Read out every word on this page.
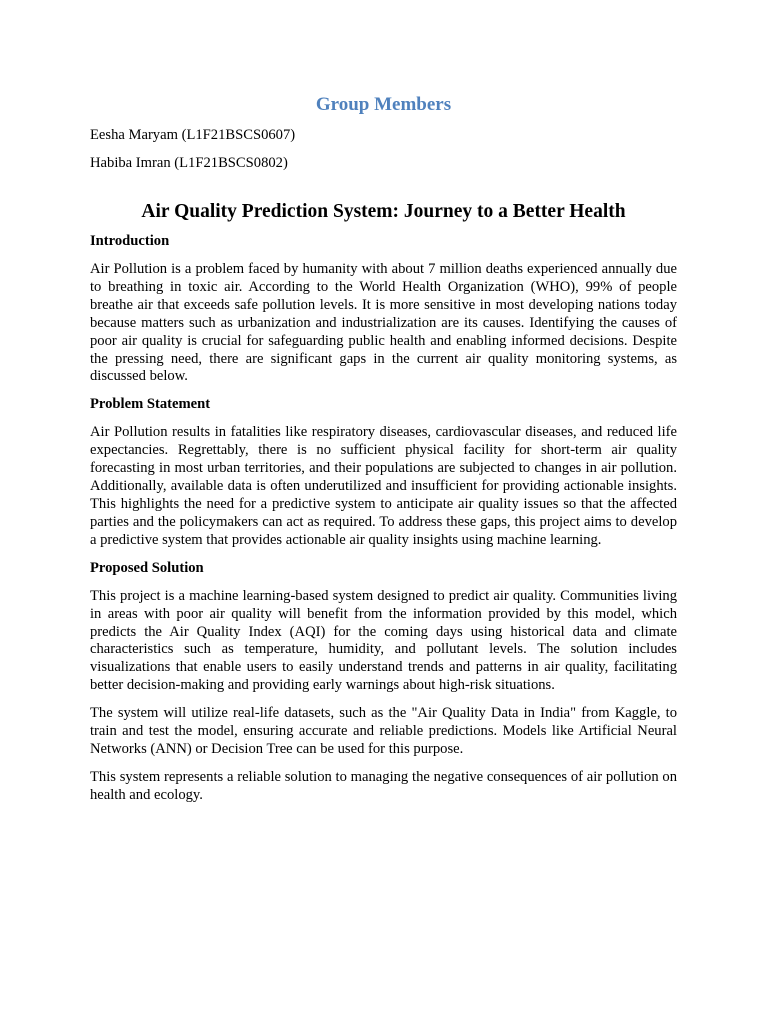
Group Members
Eesha Maryam (L1F21BSCS0607)
Habiba Imran (L1F21BSCS0802)
Air Quality Prediction System: Journey to a Better Health
Introduction

Air Pollution is a problem faced by humanity with about 7 million deaths experienced annually due to breathing in toxic air. According to the World Health Organization (WHO), 99% of people breathe air that exceeds safe pollution levels. It is more sensitive in most developing nations today because matters such as urbanization and industrialization are its causes. Identifying the causes of poor air quality is crucial for safeguarding public health and enabling informed decisions. Despite the pressing need, there are significant gaps in the current air quality monitoring systems, as discussed below.

Problem Statement

Air Pollution results in fatalities like respiratory diseases, cardiovascular diseases, and reduced life expectancies. Regrettably, there is no sufficient physical facility for short-term air quality forecasting in most urban territories, and their populations are subjected to changes in air pollution. Additionally, available data is often underutilized and insufficient for providing actionable insights. This highlights the need for a predictive system to anticipate air quality issues so that the affected parties and the policymakers can act as required. To address these gaps, this project aims to develop a predictive system that provides actionable air quality insights using machine learning.

Proposed Solution

This project is a machine learning-based system designed to predict air quality. Communities living in areas with poor air quality will benefit from the information provided by this model, which predicts the Air Quality Index (AQI) for the coming days using historical data and climate characteristics such as temperature, humidity, and pollutant levels. The solution includes visualizations that enable users to easily understand trends and patterns in air quality, facilitating better decision-making and providing early warnings about high-risk situations.

The system will utilize real-life datasets, such as the "Air Quality Data in India" from Kaggle, to train and test the model, ensuring accurate and reliable predictions. Models like Artificial Neural Networks (ANN) or Decision Tree can be used for this purpose.

This system represents a reliable solution to managing the negative consequences of air pollution on health and ecology.
